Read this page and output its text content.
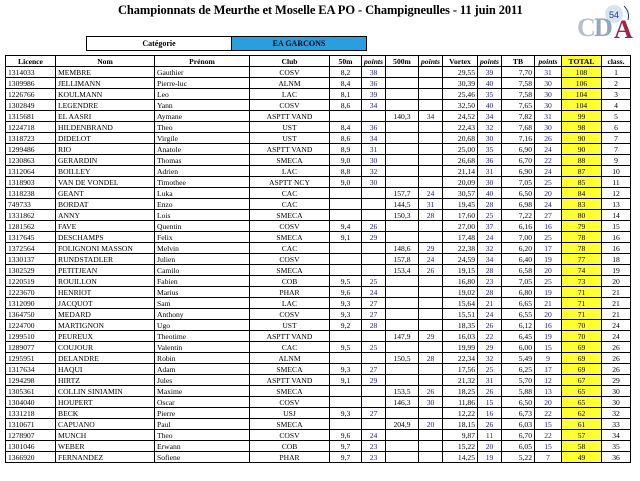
Championnats de Meurthe et Moselle EA PO - Champigneulles - 11 juin 2011
C
D A
54
Catégorie	EA GARCONS
Licence	Nom	Prénom	Club	50m	points	500m	points	Vortex	points	TB	points	TOTAL	class.
1314033	MEMBRE	Gauthier	COSV	8,2	38			29,55	39	7,70	31	108	1
1309986	JELLIMANN	Pierre-luc	ALNM	8,4	36			30,39	40	7,58	30	106	2
1226766	KOULMANN	Leo	LAC	8,1	39			25,46	35	7,58	30	104	3
1302849	LEGENDRE	Yann	COSV	8,6	34			32,50	40	7,65	30	104	4
1315681	EL AASRI	Aymane	ASPTT VAND			140,3	34	24,52	34	7,82	31	99	5
1224718	HILDENBRAND	Theo	UST	8,4	36			22,43	32	7,68	30	98	6
1318723	DIDELOT	Virgile	UST	8,6	34			20,68	30	7,16	26	90	7
1299486	RIO	Anatole	ASPTT VAND	8,9	31			25,00	35	6,90	24	90	7
1230863	GERARDIN	Thomas	SMECA	9,0	30			26,68	36	6,70	22	88	9
1312064	BOILLEY	Adrien	LAC	8,8	32			21,14	31	6,90	24	87	10
1318903	VAN DE VONDEL	Timothee	ASPTT NCY	9,0	30			20,09	30	7,05	25	85	11
1318238	GEANT	Luka	CAC			157,7	24	30,57	40	6,50	20	84	12
749733	BORDAT	Enzo	CAC			144,5	31	19,45	28	6,98	24	83	13
1331862	ANNY	Lois	SMECA			150,3	28	17,60	25	7,22	27	80	14
1281562	FAVE	Quentin	COSV	9,4	26			27,00	37	6,16	16	79	15
1317645	DESCHAMPS	Felix	SMECA	9,1	29			17,48	24	7,00	25	78	16
1372564	FOLIGNONI MASSON	Melvin	CAC			148,6	29	22,38	32	6,20	17	78	16
1330137	RUNDSTADLER	Julien	COSV			157,8	24	24,59	34	6,40	19	77	18
1302529	PETITJEAN	Camilo	SMECA			153,4	26	19,15	28	6,58	20	74	19
1220519	ROUILLON	Fabien	COB	9,5	25			16,80	23	7,05	25	73	20
1223670	HENRIOT	Marius	PHAR	9,6	24			19,02	28	6,80	19	71	21
1312090	JACQUOT	Sam	LAC	9,3	27			15,64	21	6,65	21	71	21
1364750	MEDARD	Anthony	COSV	9,3	27			15,51	24	6,55	20	71	21
1224700	MARTIGNON	Ugo	UST	9,2	28			18,35	26	6,12	16	70	24
1299510	PEUREUX	Theotime	ASPTT VAND			147,9	29	16,03	22	6,45	19	70	24
1289077	COUJOUR	Valentin	CAC	9,5	25			19,99	29	6,00	15	69	26
1295951	DELANDRE	Robin	ALNM			150,5	28	22,34	32	5,49	9	69	26
1317634	HAQUI	Adam	SMECA	9,3	27			17,56	25	6,25	17	69	26
1294298	HIRTZ	Jules	ASPTT VAND	9,1	29			21,32	31	5,70	12	67	29
1305361	COLLIN SINIAMIN	Maxime	SMECA			153,5	26	18,25	26	5,88	13	65	30
1304040	HOUPERT	Oscar	COSV			146,3	30	11,86	15	6,50	20	65	30
1331218	BECK	Pierre	USJ	9,3	27			12,22	16	6,73	22	62	32
1310671	CAPUANO	Paul	SMECA			204,9	20	18,15	26	6,03	15	61	33
1278907	MUNCH	Theo	COSV	9,6	24			9,87	11	6,70	22	57	34
1301046	WEBER	Erwann	COB	9,7	23			15,22	20	6,05	15	58	35
1366920	FERNANDEZ	Sofiene	PHAR	9,7	23			14,25	19	5,22	7	49	36
